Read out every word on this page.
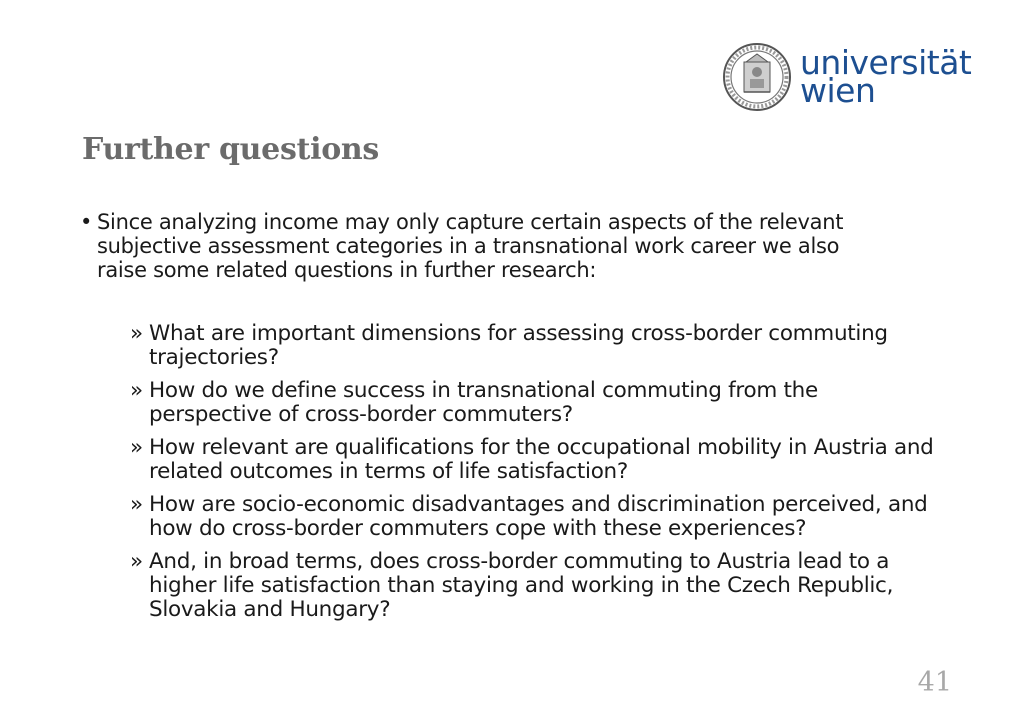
universität
wien
Further questions
• Since analyzing income may only capture certain aspects of the relevant subjective assessment categories in a transnational work career we also raise some related questions in further research:
» What are important dimensions for assessing cross-border commuting trajectories?
» How do we define success in transnational commuting from the perspective of cross-border commuters?
» How relevant are qualifications for the occupational mobility in Austria and related outcomes in terms of life satisfaction?
» How are socio-economic disadvantages and discrimination perceived, and how do cross-border commuters cope with these experiences?
» And, in broad terms, does cross-border commuting to Austria lead to a higher life satisfaction than staying and working in the Czech Republic, Slovakia and Hungary?
41
